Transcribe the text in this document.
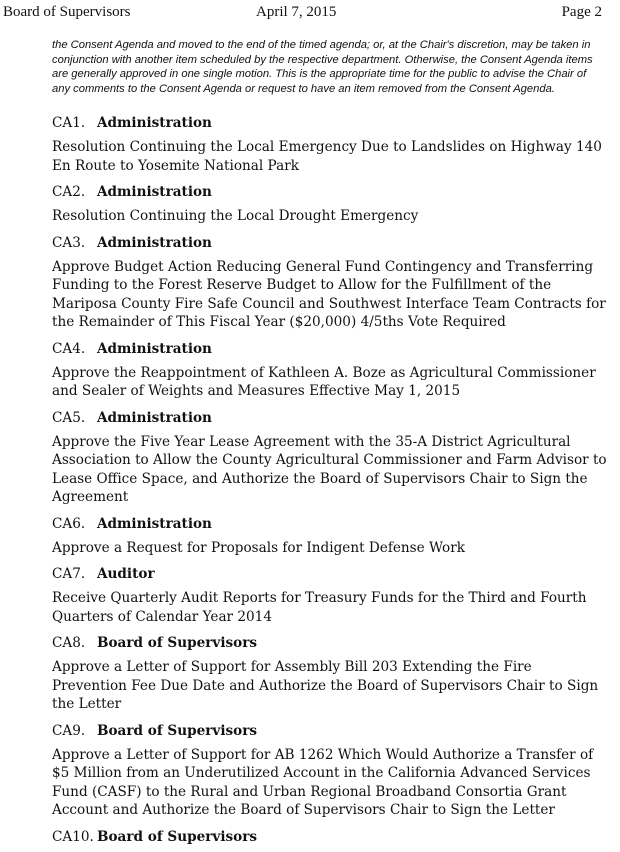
Board of Supervisors	April 7, 2015	Page 2

the Consent Agenda and moved to the end of the timed agenda; or, at the Chair's discretion, may be taken in conjunction with another item scheduled by the respective department. Otherwise, the Consent Agenda items are generally approved in one single motion. This is the appropriate time for the public to advise the Chair of any comments to the Consent Agenda or request to have an item removed from the Consent Agenda.

CA1. Administration
Resolution Continuing the Local Emergency Due to Landslides on Highway 140 En Route to Yosemite National Park
CA2. Administration
Resolution Continuing the Local Drought Emergency
CA3. Administration
Approve Budget Action Reducing General Fund Contingency and Transferring Funding to the Forest Reserve Budget to Allow for the Fulfillment of the Mariposa County Fire Safe Council and Southwest Interface Team Contracts for the Remainder of This Fiscal Year ($20,000) 4/5ths Vote Required
CA4. Administration
Approve the Reappointment of Kathleen A. Boze as Agricultural Commissioner and Sealer of Weights and Measures Effective May 1, 2015
CA5. Administration
Approve the Five Year Lease Agreement with the 35-A District Agricultural Association to Allow the County Agricultural Commissioner and Farm Advisor to Lease Office Space, and Authorize the Board of Supervisors Chair to Sign the Agreement
CA6. Administration
Approve a Request for Proposals for Indigent Defense Work
CA7. Auditor
Receive Quarterly Audit Reports for Treasury Funds for the Third and Fourth Quarters of Calendar Year 2014
CA8. Board of Supervisors
Approve a Letter of Support for Assembly Bill 203 Extending the Fire Prevention Fee Due Date and Authorize the Board of Supervisors Chair to Sign the Letter
CA9. Board of Supervisors
Approve a Letter of Support for AB 1262 Which Would Authorize a Transfer of $5 Million from an Underutilized Account in the California Advanced Services Fund (CASF) to the Rural and Urban Regional Broadband Consortia Grant Account and Authorize the Board of Supervisors Chair to Sign the Letter
CA10. Board of Supervisors
